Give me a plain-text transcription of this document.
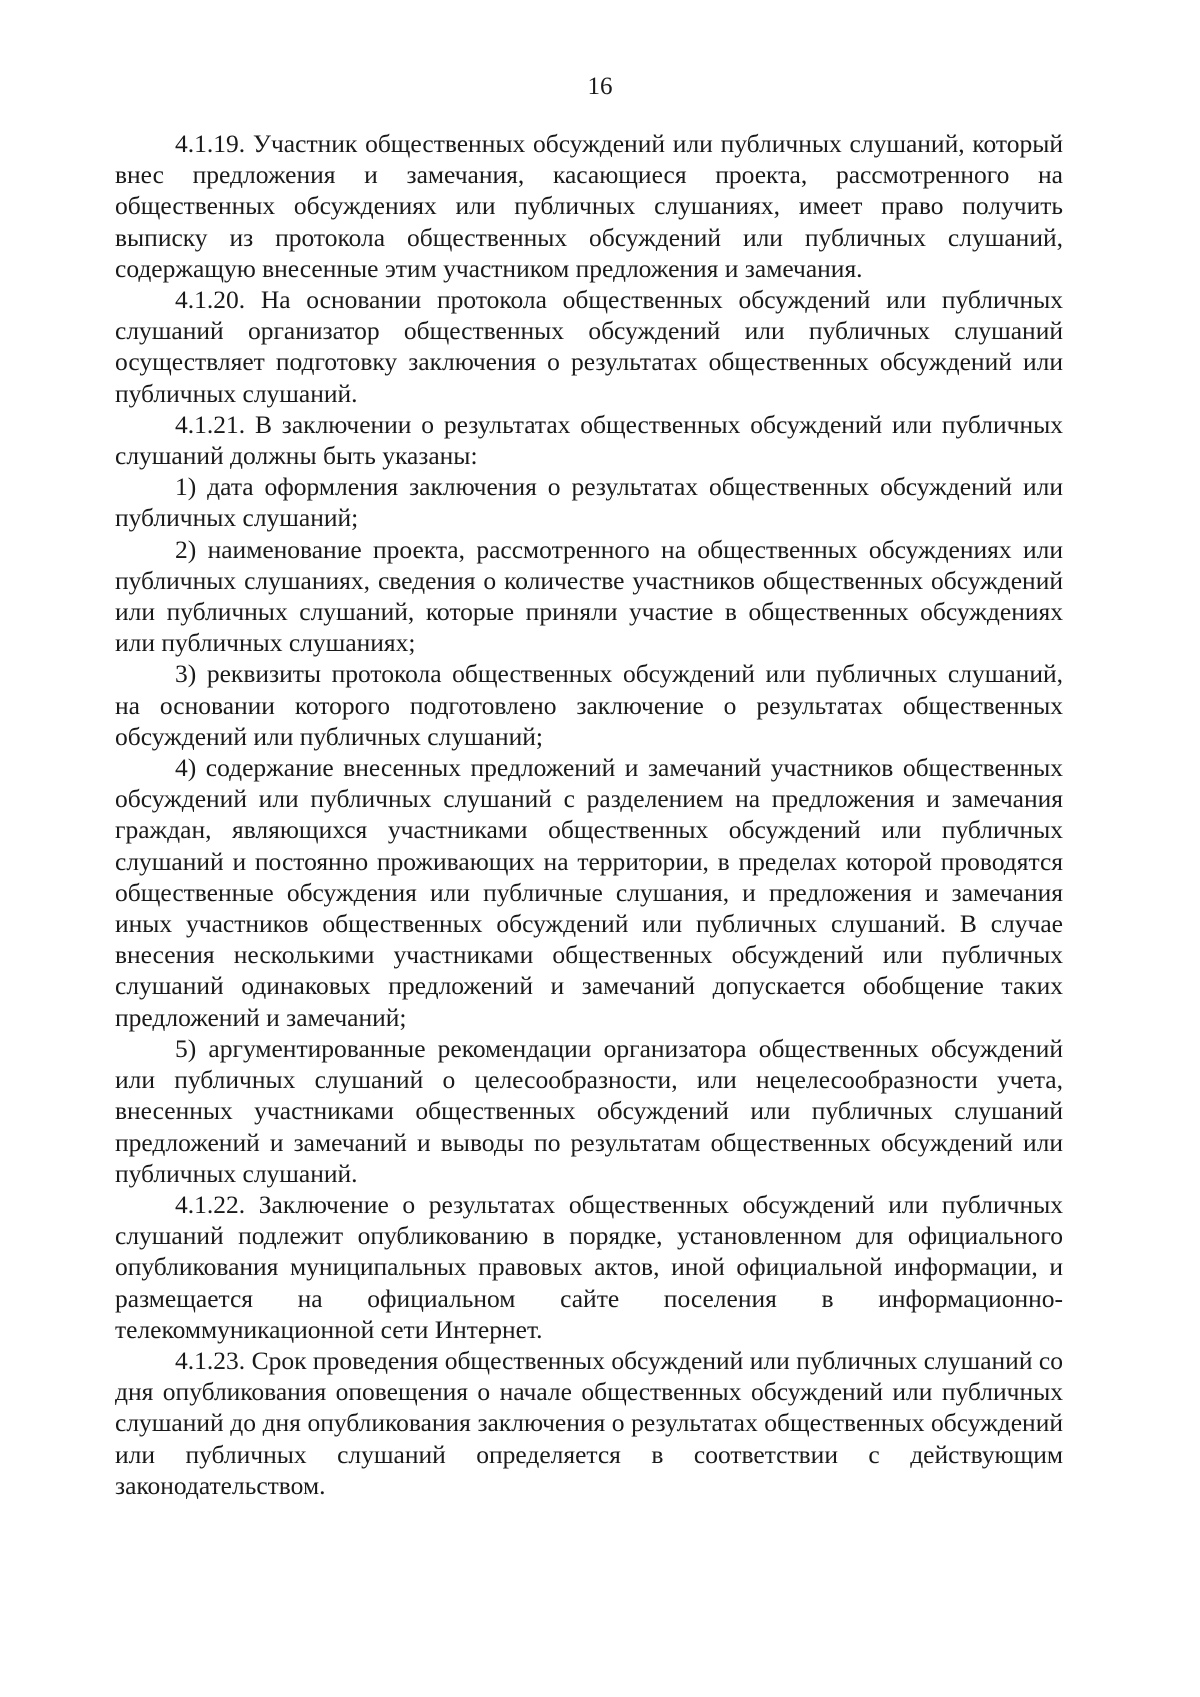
16

4.1.19. Участник общественных обсуждений или публичных слушаний, который внес предложения и замечания, касающиеся проекта, рассмотренного на общественных обсуждениях или публичных слушаниях, имеет право получить выписку из протокола общественных обсуждений или публичных слушаний, содержащую внесенные этим участником предложения и замечания.

4.1.20. На основании протокола общественных обсуждений или публичных слушаний организатор общественных обсуждений или публичных слушаний осуществляет подготовку заключения о результатах общественных обсуждений или публичных слушаний.

4.1.21. В заключении о результатах общественных обсуждений или публичных слушаний должны быть указаны:

1) дата оформления заключения о результатах общественных обсуждений или публичных слушаний;

2) наименование проекта, рассмотренного на общественных обсуждениях или публичных слушаниях, сведения о количестве участников общественных обсуждений или публичных слушаний, которые приняли участие в общественных обсуждениях или публичных слушаниях;

3) реквизиты протокола общественных обсуждений или публичных слушаний, на основании которого подготовлено заключение о результатах общественных обсуждений или публичных слушаний;

4) содержание внесенных предложений и замечаний участников общественных обсуждений или публичных слушаний с разделением на предложения и замечания граждан, являющихся участниками общественных обсуждений или публичных слушаний и постоянно проживающих на территории, в пределах которой проводятся общественные обсуждения или публичные слушания, и предложения и замечания иных участников общественных обсуждений или публичных слушаний. В случае внесения несколькими участниками общественных обсуждений или публичных слушаний одинаковых предложений и замечаний допускается обобщение таких предложений и замечаний;

5) аргументированные рекомендации организатора общественных обсуждений или публичных слушаний о целесообразности, или нецелесообразности учета, внесенных участниками общественных обсуждений или публичных слушаний предложений и замечаний и выводы по результатам общественных обсуждений или публичных слушаний.

4.1.22. Заключение о результатах общественных обсуждений или публичных слушаний подлежит опубликованию в порядке, установленном для официального опубликования муниципальных правовых актов, иной официальной информации, и размещается на официальном сайте поселения в информационно-телекоммуникационной сети Интернет.

4.1.23. Срок проведения общественных обсуждений или публичных слушаний со дня опубликования оповещения о начале общественных обсуждений или публичных слушаний до дня опубликования заключения о результатах общественных обсуждений или публичных слушаний определяется в соответствии с действующим законодательством.
